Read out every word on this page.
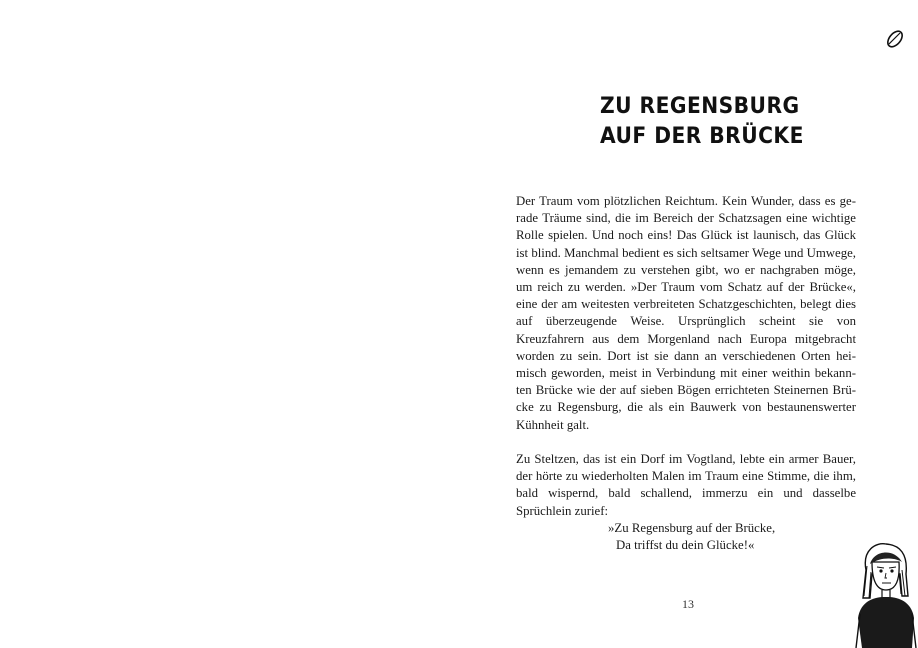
ZU REGENSBURG
AUF DER BRÜCKE

Der Traum vom plötzlichen Reichtum. Kein Wunder, dass es gerade Träume sind, die im Bereich der Schatzsagen eine wichtige Rolle spielen. Und noch eins! Das Glück ist launisch, das Glück ist blind. Manchmal bedient es sich seltsamer Wege und Umwege, wenn es jemandem zu verstehen gibt, wo er nachgraben möge, um reich zu werden. »Der Traum vom Schatz auf der Brücke«, eine der am weitesten verbreiteten Schatzgeschichten, belegt dies auf überzeugende Weise. Ursprünglich scheint sie von Kreuzfahrern aus dem Morgenland nach Europa mitgebracht worden zu sein. Dort ist sie dann an verschiedenen Orten heimisch geworden, meist in Verbindung mit einer weithin bekannten Brücke wie der auf sieben Bögen errichteten Steinernen Brücke zu Regensburg, die als ein Bauwerk von bestaunenswerter Kühnheit galt.

Zu Steltzen, das ist ein Dorf im Vogtland, lebte ein armer Bauer, der hörte zu wiederholten Malen im Traum eine Stimme, die ihm, bald wispernd, bald schallend, immerzu ein und dasselbe Sprüchlein zurief:

»Zu Regensburg auf der Brücke,
Da triffst du dein Glücke!«
13
